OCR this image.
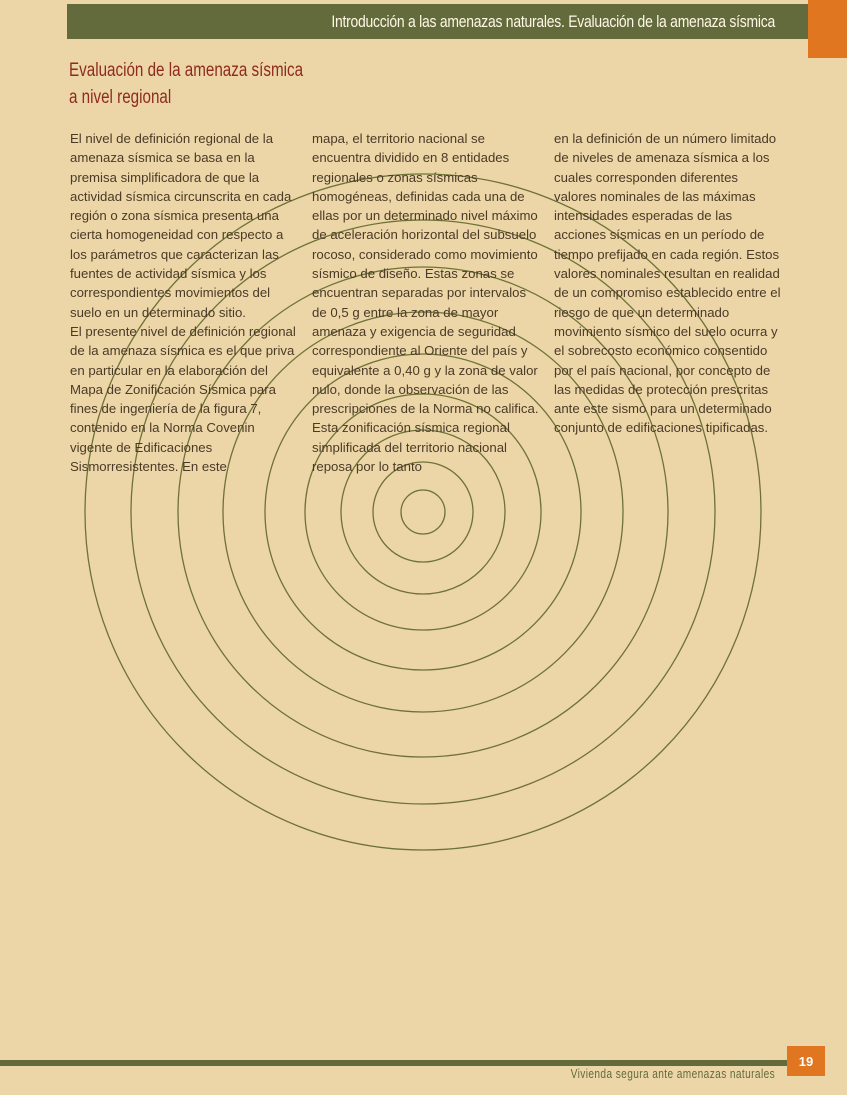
Introducción a las amenazas naturales. Evaluación de la amenaza sísmica
Evaluación de la amenaza sísmica a nivel regional

El nivel de definición regional de la amenaza sísmica se basa en la premisa simplificadora de que la actividad sísmica circunscrita en cada región o zona sísmica presenta una cierta homogeneidad con respecto a los parámetros que caracterizan las fuentes de actividad sísmica y los correspondientes movimientos del suelo en un determinado sitio.

El presente nivel de definición regional de la amenaza sísmica es el que priva en particular en la elaboración del Mapa de Zonificación Sísmica para fines de ingeniería de la figura 7, contenido en la Norma Covenin vigente de Edificaciones Sismorresistentes. En este

mapa, el territorio nacional se encuentra dividido en 8 entidades regionales o zonas sísmicas homogéneas, definidas cada una de ellas por un determinado nivel máximo de aceleración horizontal del subsuelo rocoso, considerado como movimiento sísmico de diseño. Estas zonas se encuentran separadas por intervalos de 0,5 g entre la zona de mayor amenaza y exigencia de seguridad correspondiente al Oriente del país y equivalente a 0,40 g y la zona de valor nulo, donde la observación de las prescripciones de la Norma no califica. Esta zonificación sísmica regional simplificada del territorio nacional reposa por lo tanto

en la definición de un número limitado de niveles de amenaza sísmica a los cuales corresponden diferentes valores nominales de las máximas intensidades esperadas de las acciones sísmicas en un período de tiempo prefijado en cada región. Estos valores nominales resultan en realidad de un compromiso establecido entre el riesgo de que un determinado movimiento sísmico del suelo ocurra y el sobrecosto económico consentido por el país nacional, por concepto de las medidas de protección prescritas ante este sismo para un determinado conjunto de edificaciones tipificadas.

Vivienda segura ante amenazas naturales
19
